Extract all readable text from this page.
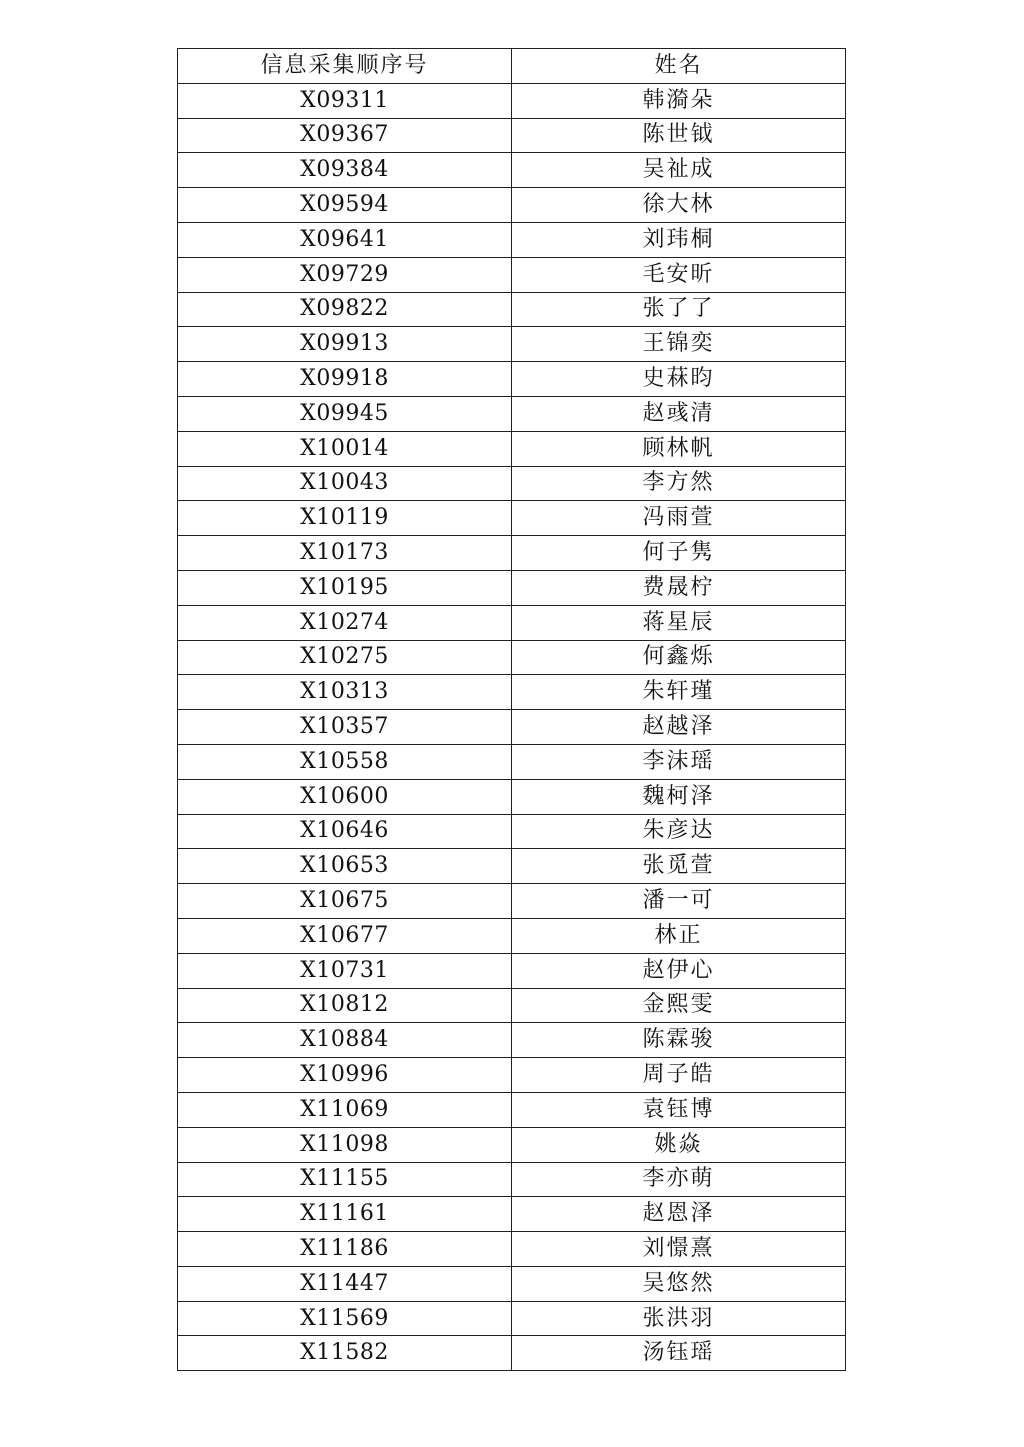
信息采集顺序号	姓名
X09311	韩漪朵
X09367	陈世钺
X09384	吴祉成
X09594	徐大林
X09641	刘玮桐
X09729	毛安昕
X09822	张了了
X09913	王锦奕
X09918	史菻昀
X09945	赵彧清
X10014	顾林帆
X10043	李方然
X10119	冯雨萱
X10173	何子隽
X10195	费晟柠
X10274	蒋星辰
X10275	何鑫烁
X10313	朱轩瑾
X10357	赵越泽
X10558	李沫瑶
X10600	魏柯泽
X10646	朱彦达
X10653	张觅萱
X10675	潘一可
X10677	林正
X10731	赵伊心
X10812	金熙雯
X10884	陈霖骏
X10996	周子皓
X11069	袁钰博
X11098	姚焱
X11155	李亦萌
X11161	赵恩泽
X11186	刘憬熹
X11447	吴悠然
X11569	张洪羽
X11582	汤钰瑶
